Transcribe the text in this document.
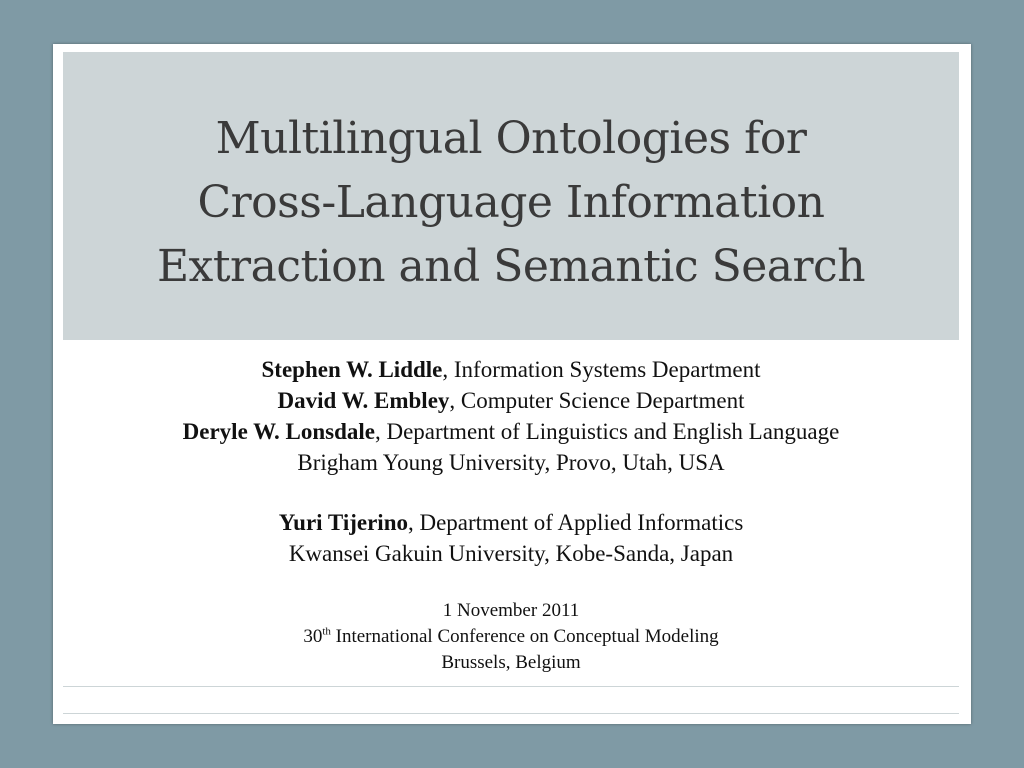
Multilingual Ontologies for
Cross-Language Information
Extraction and Semantic Search
Stephen W. Liddle, Information Systems Department
David W. Embley, Computer Science Department
Deryle W. Lonsdale, Department of Linguistics and English Language
Brigham Young University, Provo, Utah, USA
Yuri Tijerino, Department of Applied Informatics
Kwansei Gakuin University, Kobe-Sanda, Japan
1 November 2011
30th International Conference on Conceptual Modeling
Brussels, Belgium
